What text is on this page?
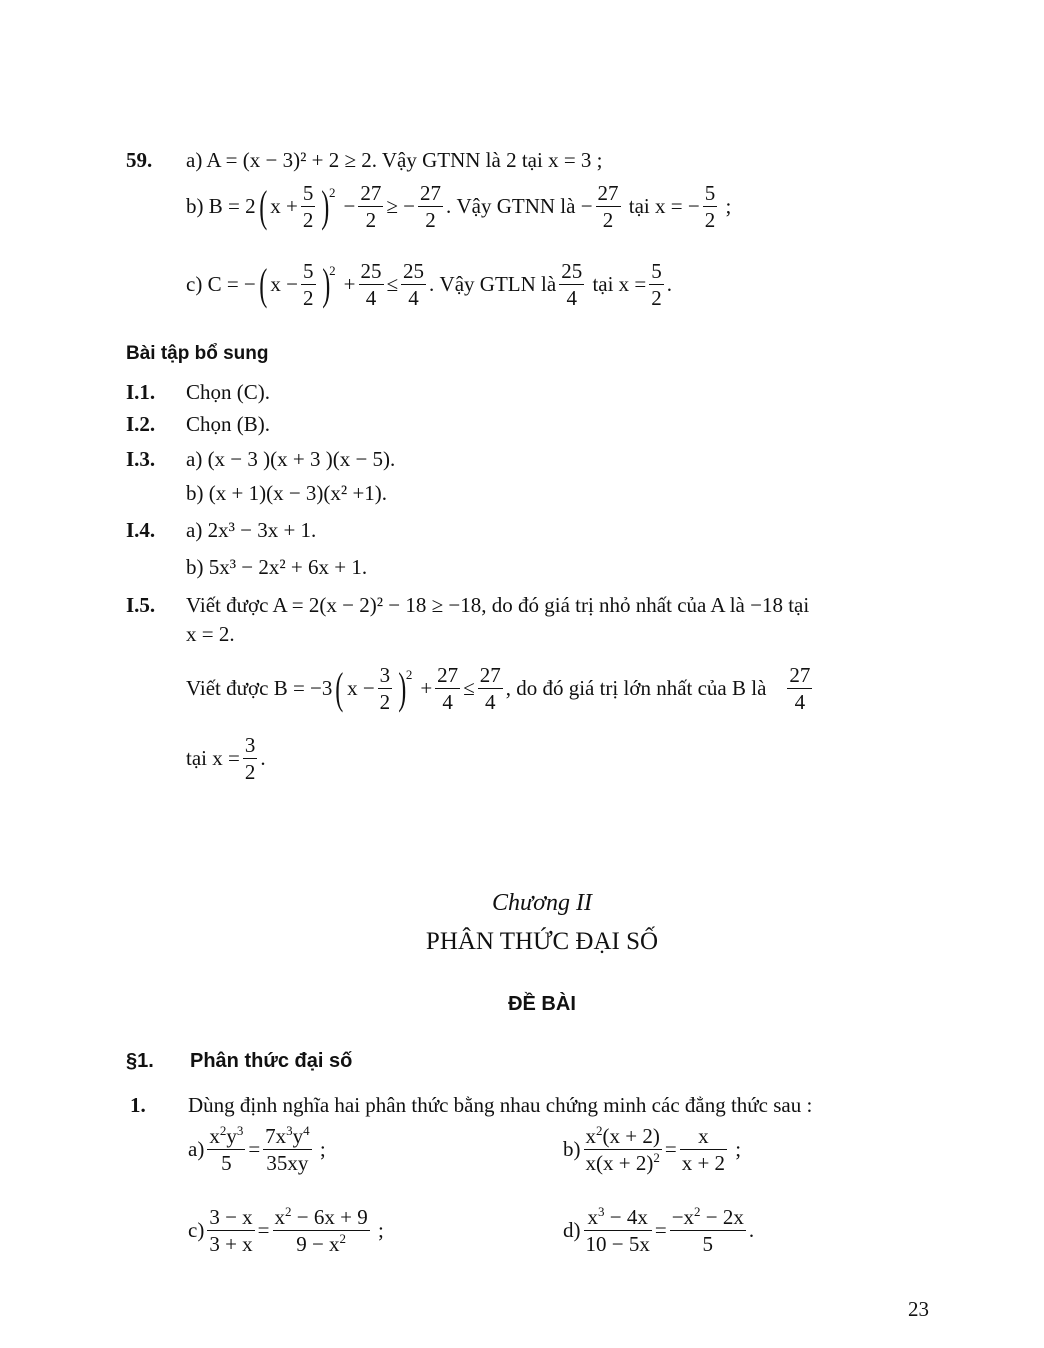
59. a) A = (x − 3)² + 2 ≥ 2. Vậy GTNN là 2 tại x = 3 ;
b) B = 2 ( $x + \frac{5}{2} )^2$
− $\frac{27}{2}$ ≥ − $\frac{27}{2}$ . Vậy GTNN là − $\frac{27}{2}$
tại x = − $\frac{5}{2}$ ;
c) C = − ( $x - \frac{5}{2} )^2$
+ $\frac{25}{4} \le \frac{25}{4}$ . Vậy GTLN là $\frac{25}{4}$
tại $x = \frac{5}{2}$ .
Bài tập bổ sung
I.1. Chọn (C).
I.2. Chọn (B).
I.3. a) (x − 3 )(x + 3 )(x − 5).
b) (x + 1)(x − 3)(x² +1).
I.4. a) 2x³ − 3x + 1.
b) 5x³ − 2x² + 6x + 1.
I.5. Viết được A = 2(x − 2)² − 18 ≥ −18, do đó giá trị nhỏ nhất của A là −18 tại
x = 2.
Viết được B = −3 ( $x - \frac{3}{2} )^2$
+ $\frac{27}{4} \le \frac{27}{4}$ , do đó giá trị lớn nhất của B là $\frac{27}{4}$
tại $x = \frac{3}{2}$ .
Chương II
PHÂN THỨC ĐẠI SỐ
ĐỀ BÀI
§1. Phân thức đại số
1. Dùng định nghĩa hai phân thức bằng nhau chứng minh các đẳng thức sau :
$a) \frac{x^2y^3}{5} = \frac{7x^3y^4}{35xy}$ ;	$b) \frac{x^2(x + 2)}{x(x + 2)^2} = \frac{x}{x + 2}$ ;
$c) \frac{3 - x}{3 + x} = \frac{x^2 - 6x + 9}{9 - x^2}$ ;	$d) \frac{x^3 - 4x}{10 - 5x} = \frac{-x^2 - 2x}{5}$ .
23
